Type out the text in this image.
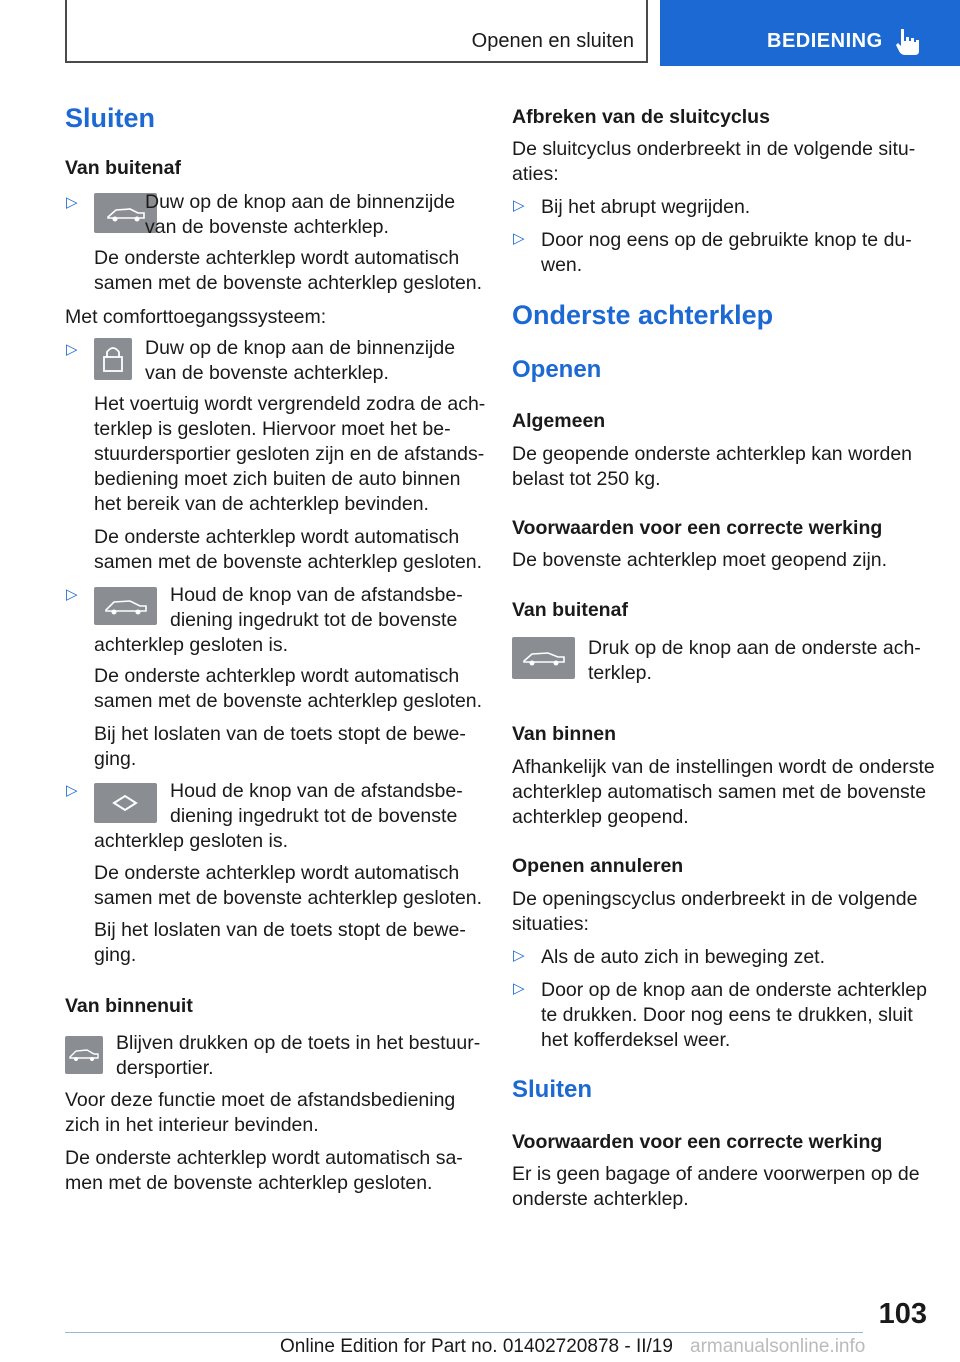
Openen en sluiten	BEDIENING
Sluiten
Van buitenaf
▷	Duw op de knop aan de binnenzijde
van de bovenste achterklep.
De onderste achterklep wordt automatisch
samen met de bovenste achterklep gesloten.
Met comforttoegangssysteem:
▷	Duw op de knop aan de binnenzijde
van de bovenste achterklep.
Het voertuig wordt vergrendeld zodra de ach-
terklep is gesloten. Hiervoor moet het be-
stuurdersportier gesloten zijn en de afstands-
bediening moet zich buiten de auto binnen
het bereik van de achterklep bevinden.
De onderste achterklep wordt automatisch
samen met de bovenste achterklep gesloten.
▷	Houd de knop van de afstandsbe-
diening ingedrukt tot de bovenste
achterklep gesloten is.
De onderste achterklep wordt automatisch
samen met de bovenste achterklep gesloten.
Bij het loslaten van de toets stopt de bewe-
ging.
▷	Houd de knop van de afstandsbe-
diening ingedrukt tot de bovenste
achterklep gesloten is.
De onderste achterklep wordt automatisch
samen met de bovenste achterklep gesloten.
Bij het loslaten van de toets stopt de bewe-
ging.
Van binnenuit
Blijven drukken op de toets in het bestuur-
dersportier.
Voor deze functie moet de afstandsbediening
zich in het interieur bevinden.
De onderste achterklep wordt automatisch sa-
men met de bovenste achterklep gesloten.
Afbreken van de sluitcyclus
De sluitcyclus onderbreekt in de volgende situ-
aties:
▷ Bij het abrupt wegrijden.
▷ Door nog eens op de gebruikte knop te du-
wen.
Onderste achterklep
Openen
Algemeen
De geopende onderste achterklep kan worden
belast tot 250 kg.
Voorwaarden voor een correcte werking
De bovenste achterklep moet geopend zijn.
Van buitenaf
Druk op de knop aan de onderste ach-
terklep.
Van binnen
Afhankelijk van de instellingen wordt de onderste
achterklep automatisch samen met de bovenste
achterklep geopend.
Openen annuleren
De openingscyclus onderbreekt in de volgende
situaties:
▷ Als de auto zich in beweging zet.
▷ Door op de knop aan de onderste achterklep
te drukken. Door nog eens te drukken, sluit
het kofferdeksel weer.
Sluiten
Voorwaarden voor een correcte werking
Er is geen bagage of andere voorwerpen op de
onderste achterklep.
103
Online Edition for Part no. 01402720878 - II/19 armanualsonline.info
